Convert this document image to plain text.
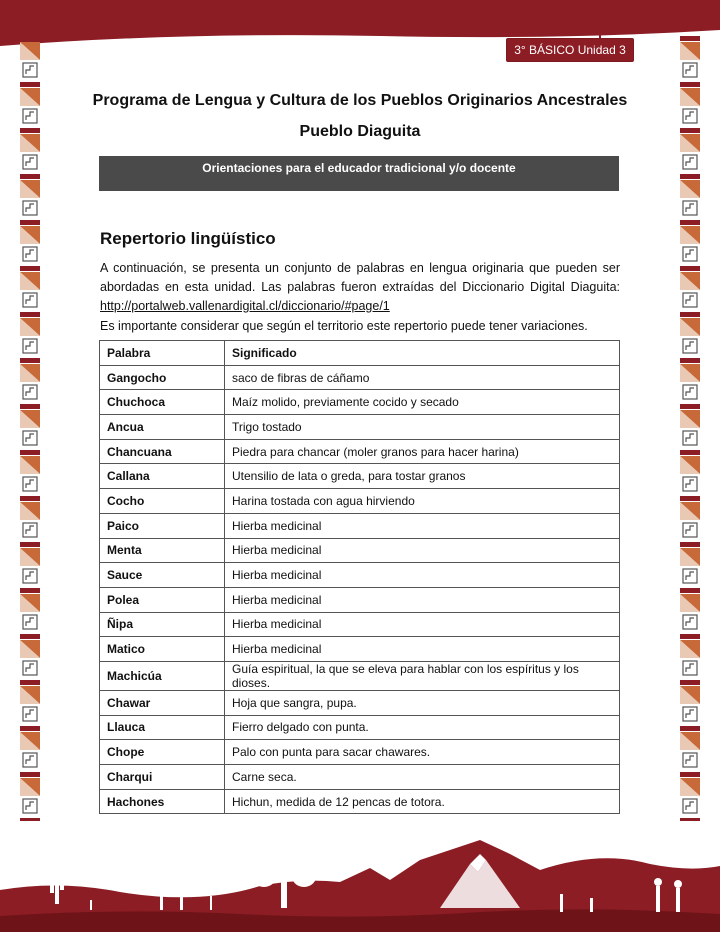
3° BÁSICO Unidad 3
Programa de Lengua y Cultura de los Pueblos Originarios Ancestrales
Pueblo Diaguita
Orientaciones para el educador tradicional y/o docente
Repertorio lingüístico

A continuación, se presenta un conjunto de palabras en lengua originaria que pueden ser abordadas en esta unidad. Las palabras fueron extraídas del Diccionario Digital Diaguita: http://portalweb.vallenardigital.cl/diccionario/#page/1

Es importante considerar que según el territorio este repertorio puede tener variaciones.

Palabra	Significado
Gangocho	saco de fibras de cáñamo
Chuchoca	Maíz molido, previamente cocido y secado
Ancua	Trigo tostado
Chancuana	Piedra para chancar (moler granos para hacer harina)
Callana	Utensilio de lata o greda, para tostar granos
Cocho	Harina tostada con agua hirviendo
Paico	Hierba medicinal
Menta	Hierba medicinal
Sauce	Hierba medicinal
Polea	Hierba medicinal
Ñipa	Hierba medicinal
Matico	Hierba medicinal
Machicúa	Guía espiritual, la que se eleva para hablar con los espíritus y los dioses.
Chawar	Hoja que sangra, pupa.
Llauca	Fierro delgado con punta.
Chope	Palo con punta para sacar chawares.
Charqui	Carne seca.
Hachones	Hichun, medida de 12 pencas de totora.
